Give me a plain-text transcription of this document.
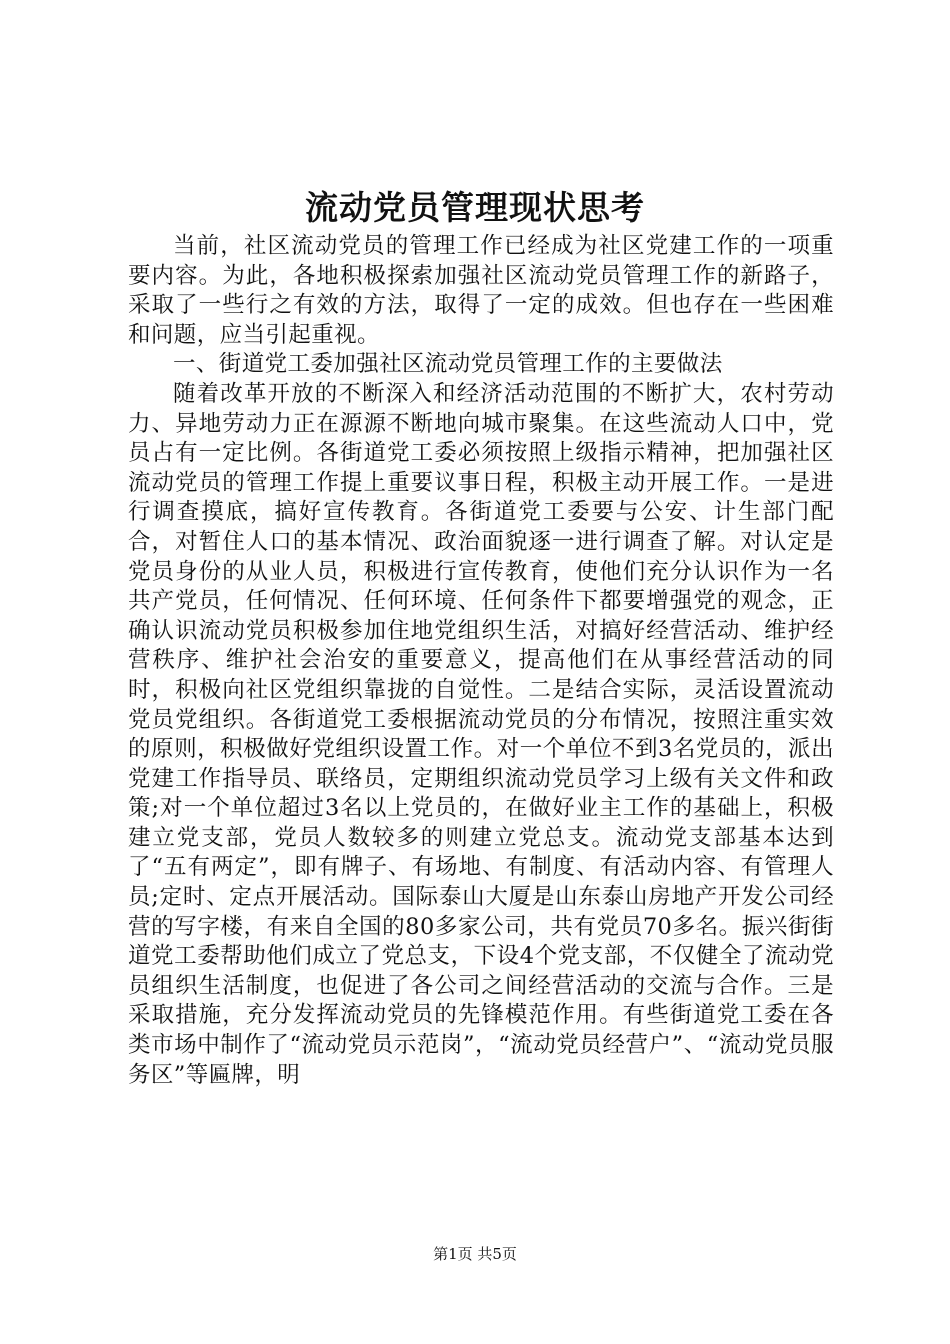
流动党员管理现状思考

当前，社区流动党员的管理工作已经成为社区党建工作的一项重要内容。为此，各地积极探索加强社区流动党员管理工作的新路子，采取了一些行之有效的方法，取得了一定的成效。但也存在一些困难和问题，应当引起重视。

一、街道党工委加强社区流动党员管理工作的主要做法

随着改革开放的不断深入和经济活动范围的不断扩大，农村劳动力、异地劳动力正在源源不断地向城市聚集。在这些流动人口中，党员占有一定比例。各街道党工委必须按照上级指示精神，把加强社区流动党员的管理工作提上重要议事日程，积极主动开展工作。一是进行调查摸底，搞好宣传教育。各街道党工委要与公安、计生部门配合，对暂住人口的基本情况、政治面貌逐一进行调查了解。对认定是党员身份的从业人员，积极进行宣传教育，使他们充分认识作为一名共产党员，任何情况、任何环境、任何条件下都要增强党的观念，正确认识流动党员积极参加住地党组织生活，对搞好经营活动、维护经营秩序、维护社会治安的重要意义，提高他们在从事经营活动的同时，积极向社区党组织靠拢的自觉性。二是结合实际，灵活设置流动党员党组织。各街道党工委根据流动党员的分布情况，按照注重实效的原则，积极做好党组织设置工作。对一个单位不到3名党员的，派出党建工作指导员、联络员，定期组织流动党员学习上级有关文件和政策;对一个单位超过3名以上党员的，在做好业主工作的基础上，积极建立党支部，党员人数较多的则建立党总支。流动党支部基本达到了“五有两定”，即有牌子、有场地、有制度、有活动内容、有管理人员;定时、定点开展活动。国际泰山大厦是山东泰山房地产开发公司经营的写字楼，有来自全国的80多家公司，共有党员70多名。振兴街街道党工委帮助他们成立了党总支，下设4个党支部，不仅健全了流动党员组织生活制度，也促进了各公司之间经营活动的交流与合作。三是采取措施，充分发挥流动党员的先锋模范作用。有些街道党工委在各类市场中制作了“流动党员示范岗”，“流动党员经营户”、“流动党员服务区”等匾牌，明

第1页 共5页
